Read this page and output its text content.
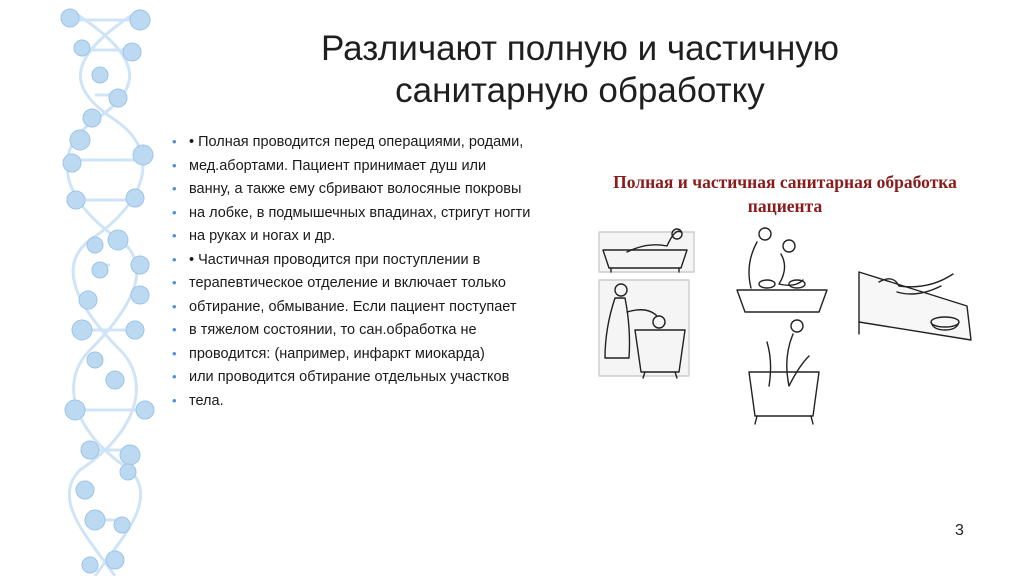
Различают полную и частичную санитарную обработку
• • Полная проводится перед операциями, родами,
• мед.абортами. Пациент принимает душ или
• ванну, а также ему сбривают волосяные покровы
• на лобке, в подмышечных впадинах, стригут ногти
• на руках и ногах и др.
• • Частичная проводится при поступлении в
• терапевтическое отделение и включает только
• обтирание, обмывание. Если пациент поступает
• в тяжелом состоянии, то сан.обработка не
• проводится: (например, инфаркт миокарда)
• или проводится обтирание отдельных участков
• тела.
Полная и частичная санитарная обработка пациента
3
